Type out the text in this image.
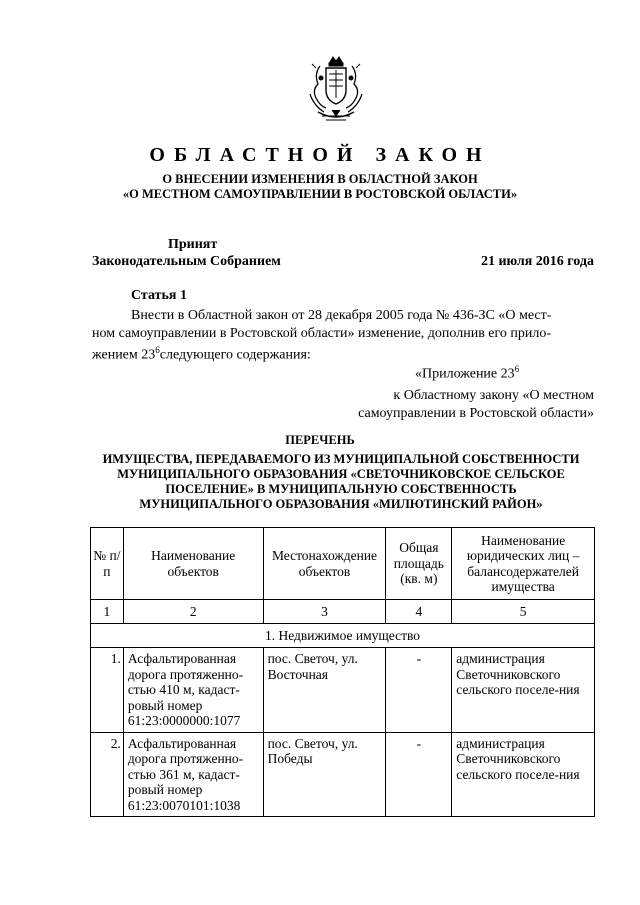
ОБЛАСТНОЙ ЗАКОН
О ВНЕСЕНИИ ИЗМЕНЕНИЯ В ОБЛАСТНОЙ ЗАКОН
«О МЕСТНОМ САМОУПРАВЛЕНИИ В РОСТОВСКОЙ ОБЛАСТИ»
Принят
Законодательным Собранием	21 июля 2016 года
Статья 1
Внести в Областной закон от 28 декабря 2005 года № 436-ЗС «О мест-
ном самоуправлении в Ростовской области» изменение, дополнив его прило-
жением $23^6следующего$ содержания:
«Приложение $23^6$
к Областному закону «О местном
самоуправлении в Ростовской области»
ПЕРЕЧЕНЬ
ИМУЩЕСТВА, ПЕРЕДАВАЕМОГО ИЗ МУНИЦИПАЛЬНОЙ СОБСТВЕННОСТИ
МУНИЦИПАЛЬНОГО ОБРАЗОВАНИЯ «СВЕТОЧНИКОВСКОЕ СЕЛЬСКОЕ
ПОСЕЛЕНИЕ» В МУНИЦИПАЛЬНУЮ СОБСТВЕННОСТЬ
МУНИЦИПАЛЬНОГО ОБРАЗОВАНИЯ «МИЛЮТИНСКИЙ РАЙОН»
№ п/п	Наименование объектов	Местонахождение объектов	Общая площадь (кв. м)	Наименование юридических лиц – балансодержателей имущества
1	2	3	4	5
1. Недвижимое имущество				
1.	Асфальтированная дорога протяженно-стью 410 м, кадаст-ровый номер 61:23:0000000:1077	пос. Светоч, ул. Восточная	-	администрация Светочниковского сельского поселе-ния
2.	Асфальтированная дорога протяженно-стью 361 м, кадаст-ровый номер 61:23:0070101:1038	пос. Светоч, ул. Победы	-	администрация Светочниковского сельского поселе-ния
